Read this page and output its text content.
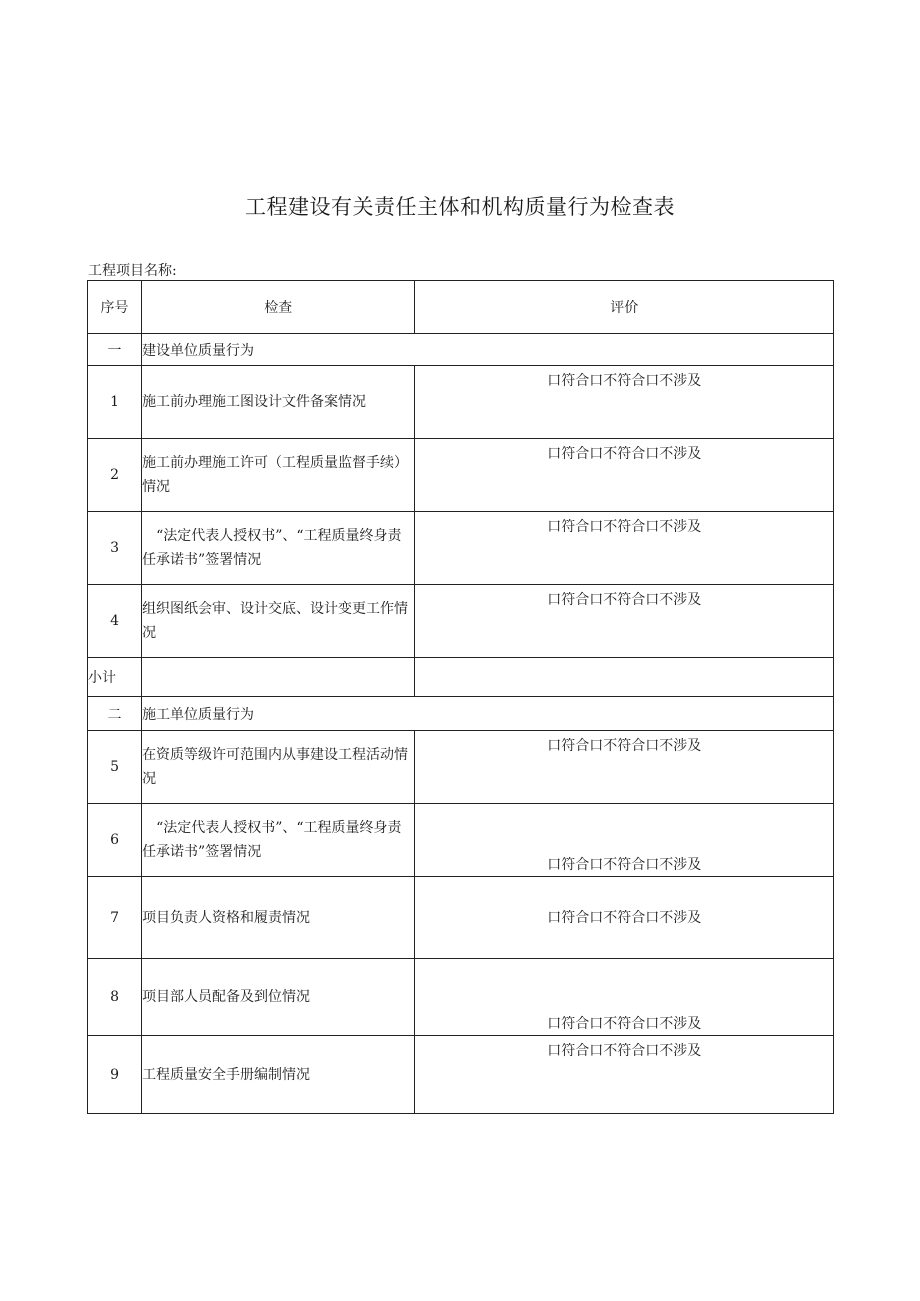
工程建设有关责任主体和机构质量行为检查表
工程项目名称:
序号	检查	评价
一	建设单位质量行为	
1	施工前办理施工图设计文件备案情况	口符合口不符合口不涉及

2	施工前办理施工许可（工程质量监督手续）情况	口符合口不符合口不涉及

3	“法定代表人授权书”、“工程质量终身责任承诺书”签署情况	口符合口不符合口不涉及

4	组织图纸会审、设计交底、设计变更工作情况	口符合口不符合口不涉及

小计		
二	施工单位质量行为	
5	在资质等级许可范围内从事建设工程活动情况	口符合口不符合口不涉及

6	“法定代表人授权书”、“工程质量终身责任承诺书”签署情况	口符合口不符合口不涉及

7	项目负责人资格和履责情况	口符合口不符合口不涉及

8	项目部人员配备及到位情况	口符合口不符合口不涉及

9	工程质量安全手册编制情况	口符合口不符合口不涉及
